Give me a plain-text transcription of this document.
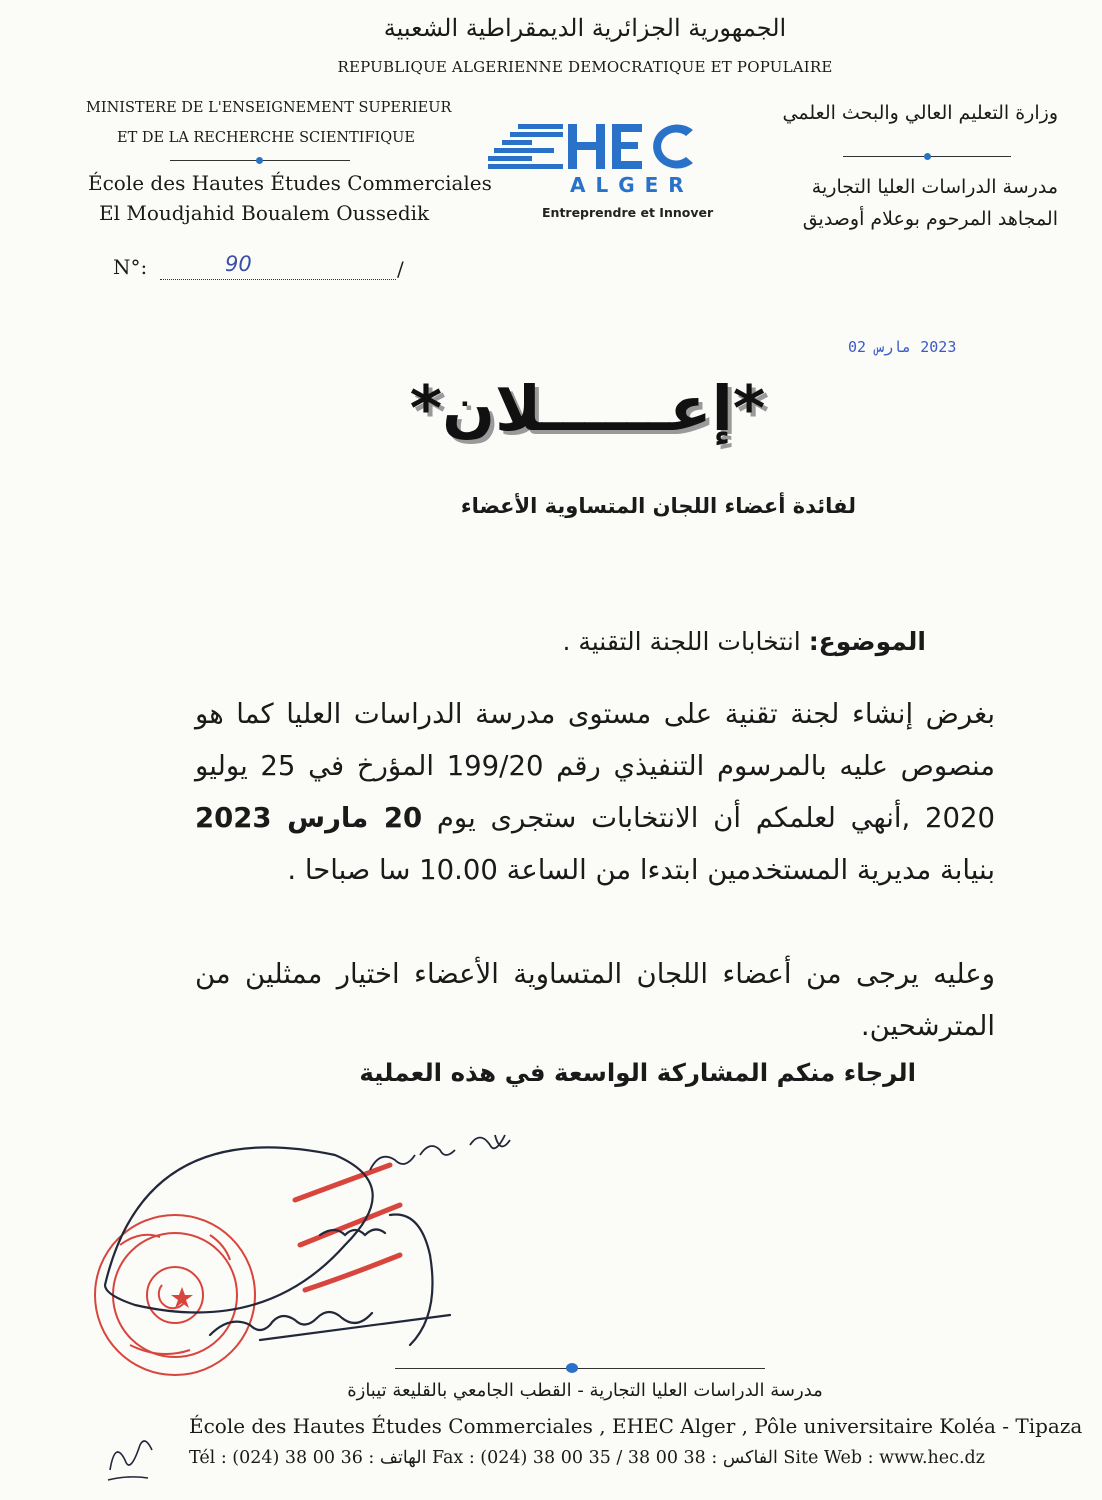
الجمهورية الجزائرية الديمقراطية الشعبية
REPUBLIQUE ALGERIENNE DEMOCRATIQUE ET POPULAIRE
MINISTERE DE L'ENSEIGNEMENT SUPERIEUR
ET DE LA RECHERCHE SCIENTIFIQUE
École des Hautes Études Commerciales
El Moudjahid Boualem Oussedik
وزارة التعليم العالي والبحث العلمي
مدرسة الدراسات العليا التجارية
المجاهد المرحوم بوعلام أوصديق
ALGER
Entreprendre et Innover
N°:	90	/
2023 مارس 02
*إعــــــلان*
لفائدة أعضاء اللجان المتساوية الأعضاء
الموضوع: انتخابات اللجنة التقنية .
بغرض إنشاء لجنة تقنية على مستوى مدرسة الدراسات العليا كما هو منصوص عليه بالمرسوم التنفيذي رقم 199/20 المؤرخ في 25 يوليو 2020 ,أنهي لعلمكم أن الانتخابات ستجرى يوم 20 مارس 2023 بنيابة مديرية المستخدمين ابتدءا من الساعة 10.00 سا صباحا .
وعليه يرجى من أعضاء اللجان المتساوية الأعضاء اختيار ممثلين من المترشحين.
الرجاء منكم المشاركة الواسعة في هذه العملية
مدرسة الدراسات العليا التجارية - القطب الجامعي بالقليعة تيبازة
École des Hautes Études Commerciales , EHEC Alger , Pôle universitaire Koléa - Tipaza
Tél : (024) 38 00 36 : الهاتف Fax : (024) 38 00 35 / 38 00 38 : الفاكس Site Web : www.hec.dz
